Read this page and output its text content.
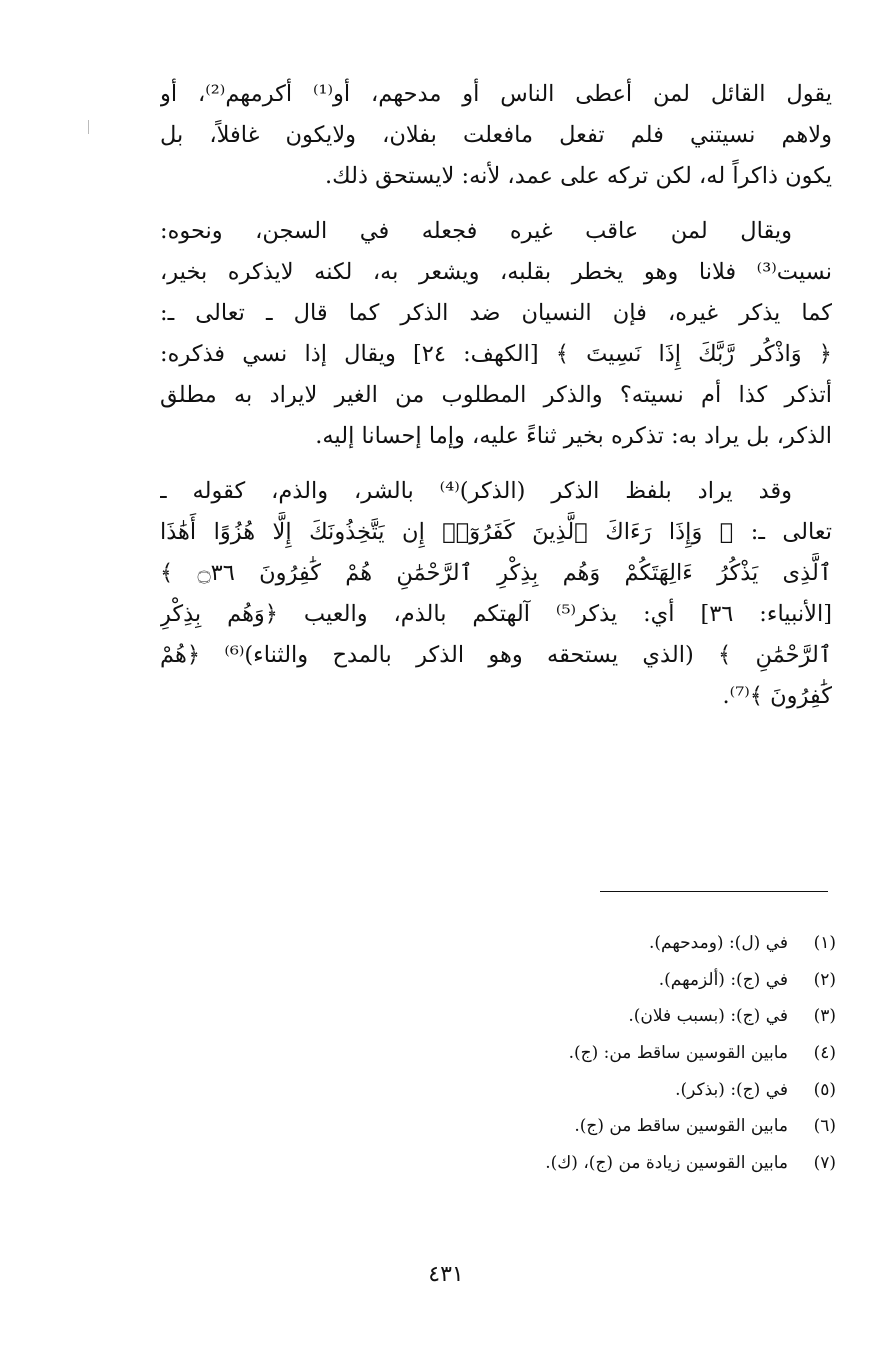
يقول القائل لمن أعطى الناس أو مدحهم، أو⁽¹⁾ أكرمهم⁽²⁾، أو
ولاهم نسيتني فلم تفعل مافعلت بفلان، ولايكون غافلاً، بل
يكون ذاكراً له، لكن تركه على عمد، لأنه: لايستحق ذلك.
ويقال لمن عاقب غيره فجعله في السجن، ونحوه:
نسيت⁽³⁾ فلانا وهو يخطر بقلبه، ويشعر به، لكنه لايذكره بخير،
كما يذكر غيره، فإن النسيان ضد الذكر كما قال ـ تعالى ـ:
﴿ وَاذْكُر رَّبَّكَ إِذَا نَسِيتَ ﴾ [الكهف: ٢٤] ويقال إذا نسي فذكره:
أتذكر كذا أم نسيته؟ والذكر المطلوب من الغير لايراد به مطلق
الذكر، بل يراد به: تذكره بخير ثناءً عليه، وإما إحسانا إليه.
وقد يراد بلفظ الذكر (الذكر)⁽⁴⁾ بالشر، والذم، كقوله ـ
تعالى ـ: ﴿ وَإِذَا رَءَاكَ ٱلَّذِينَ كَفَرُوٓا۟ إِن يَتَّخِذُونَكَ إِلَّا هُزُوًا أَهَٰذَا
ٱلَّذِى يَذْكُرُ ءَالِهَتَكُمْ وَهُم بِذِكْرِ ٱلرَّحْمَٰنِ هُمْ كَٰفِرُونَ ۝٣٦ ﴾
[الأنبياء: ٣٦] أي: يذكر⁽⁵⁾ آلهتكم بالذم، والعيب ﴿وَهُم بِذِكْرِ
ٱلرَّحْمَٰنِ ﴾ (الذي يستحقه وهو الذكر بالمدح والثناء)⁽⁶⁾ ﴿هُمْ
كَٰفِرُونَ ﴾⁽⁷⁾.
(١)
في (ل): (ومدحهم).
(٢)
في (ج): (ألزمهم).
(٣)
في (ج): (بسبب فلان).
(٤)
مابين القوسين ساقط من: (ج).
(٥)
في (ج): (بذكر).
(٦)
مابين القوسين ساقط من (ج).
(٧)
مابين القوسين زيادة من (ج)، (ك).
٤٣١
